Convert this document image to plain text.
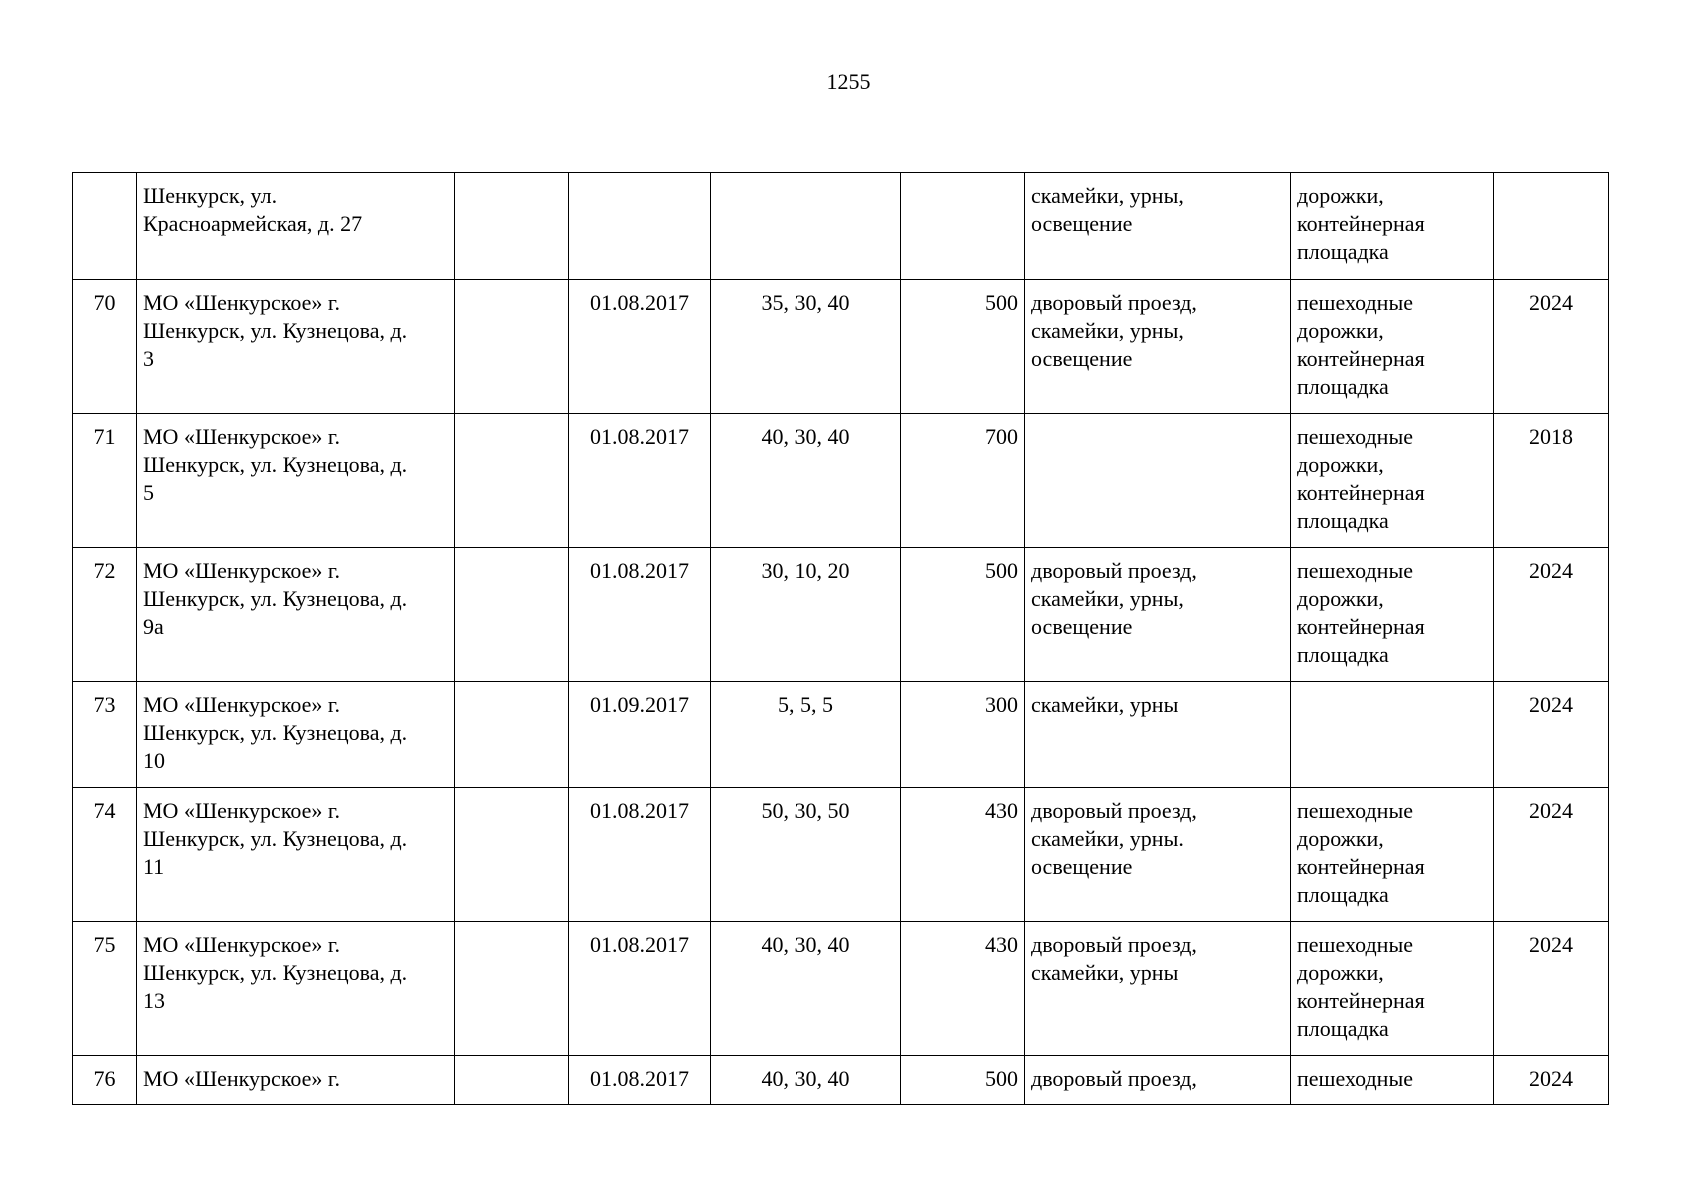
1255
	Шенкурск, ул.
Красноармейская, д. 27					скамейки, урны,
освещение	дорожки,
контейнерная
площадка	
70	МО «Шенкурское» г.
Шенкурск, ул. Кузнецова, д.
3		01.08.2017	35, 30, 40	500	дворовый проезд,
скамейки, урны,
освещение	пешеходные
дорожки,
контейнерная
площадка	2024
71	МО «Шенкурское» г.
Шенкурск, ул. Кузнецова, д.
5		01.08.2017	40, 30, 40	700		пешеходные
дорожки,
контейнерная
площадка	2018
72	МО «Шенкурское» г.
Шенкурск, ул. Кузнецова, д.
9а		01.08.2017	30, 10, 20	500	дворовый проезд,
скамейки, урны,
освещение	пешеходные
дорожки,
контейнерная
площадка	2024
73	МО «Шенкурское» г.
Шенкурск, ул. Кузнецова, д.
10		01.09.2017	5, 5, 5	300	скамейки, урны		2024
74	МО «Шенкурское» г.
Шенкурск, ул. Кузнецова, д.
11		01.08.2017	50, 30, 50	430	дворовый проезд,
скамейки, урны.
освещение	пешеходные
дорожки,
контейнерная
площадка	2024
75	МО «Шенкурское» г.
Шенкурск, ул. Кузнецова, д.
13		01.08.2017	40, 30, 40	430	дворовый проезд,
скамейки, урны	пешеходные
дорожки,
контейнерная
площадка	2024
76	МО «Шенкурское» г.		01.08.2017	40, 30, 40	500	дворовый проезд,	пешеходные	2024
